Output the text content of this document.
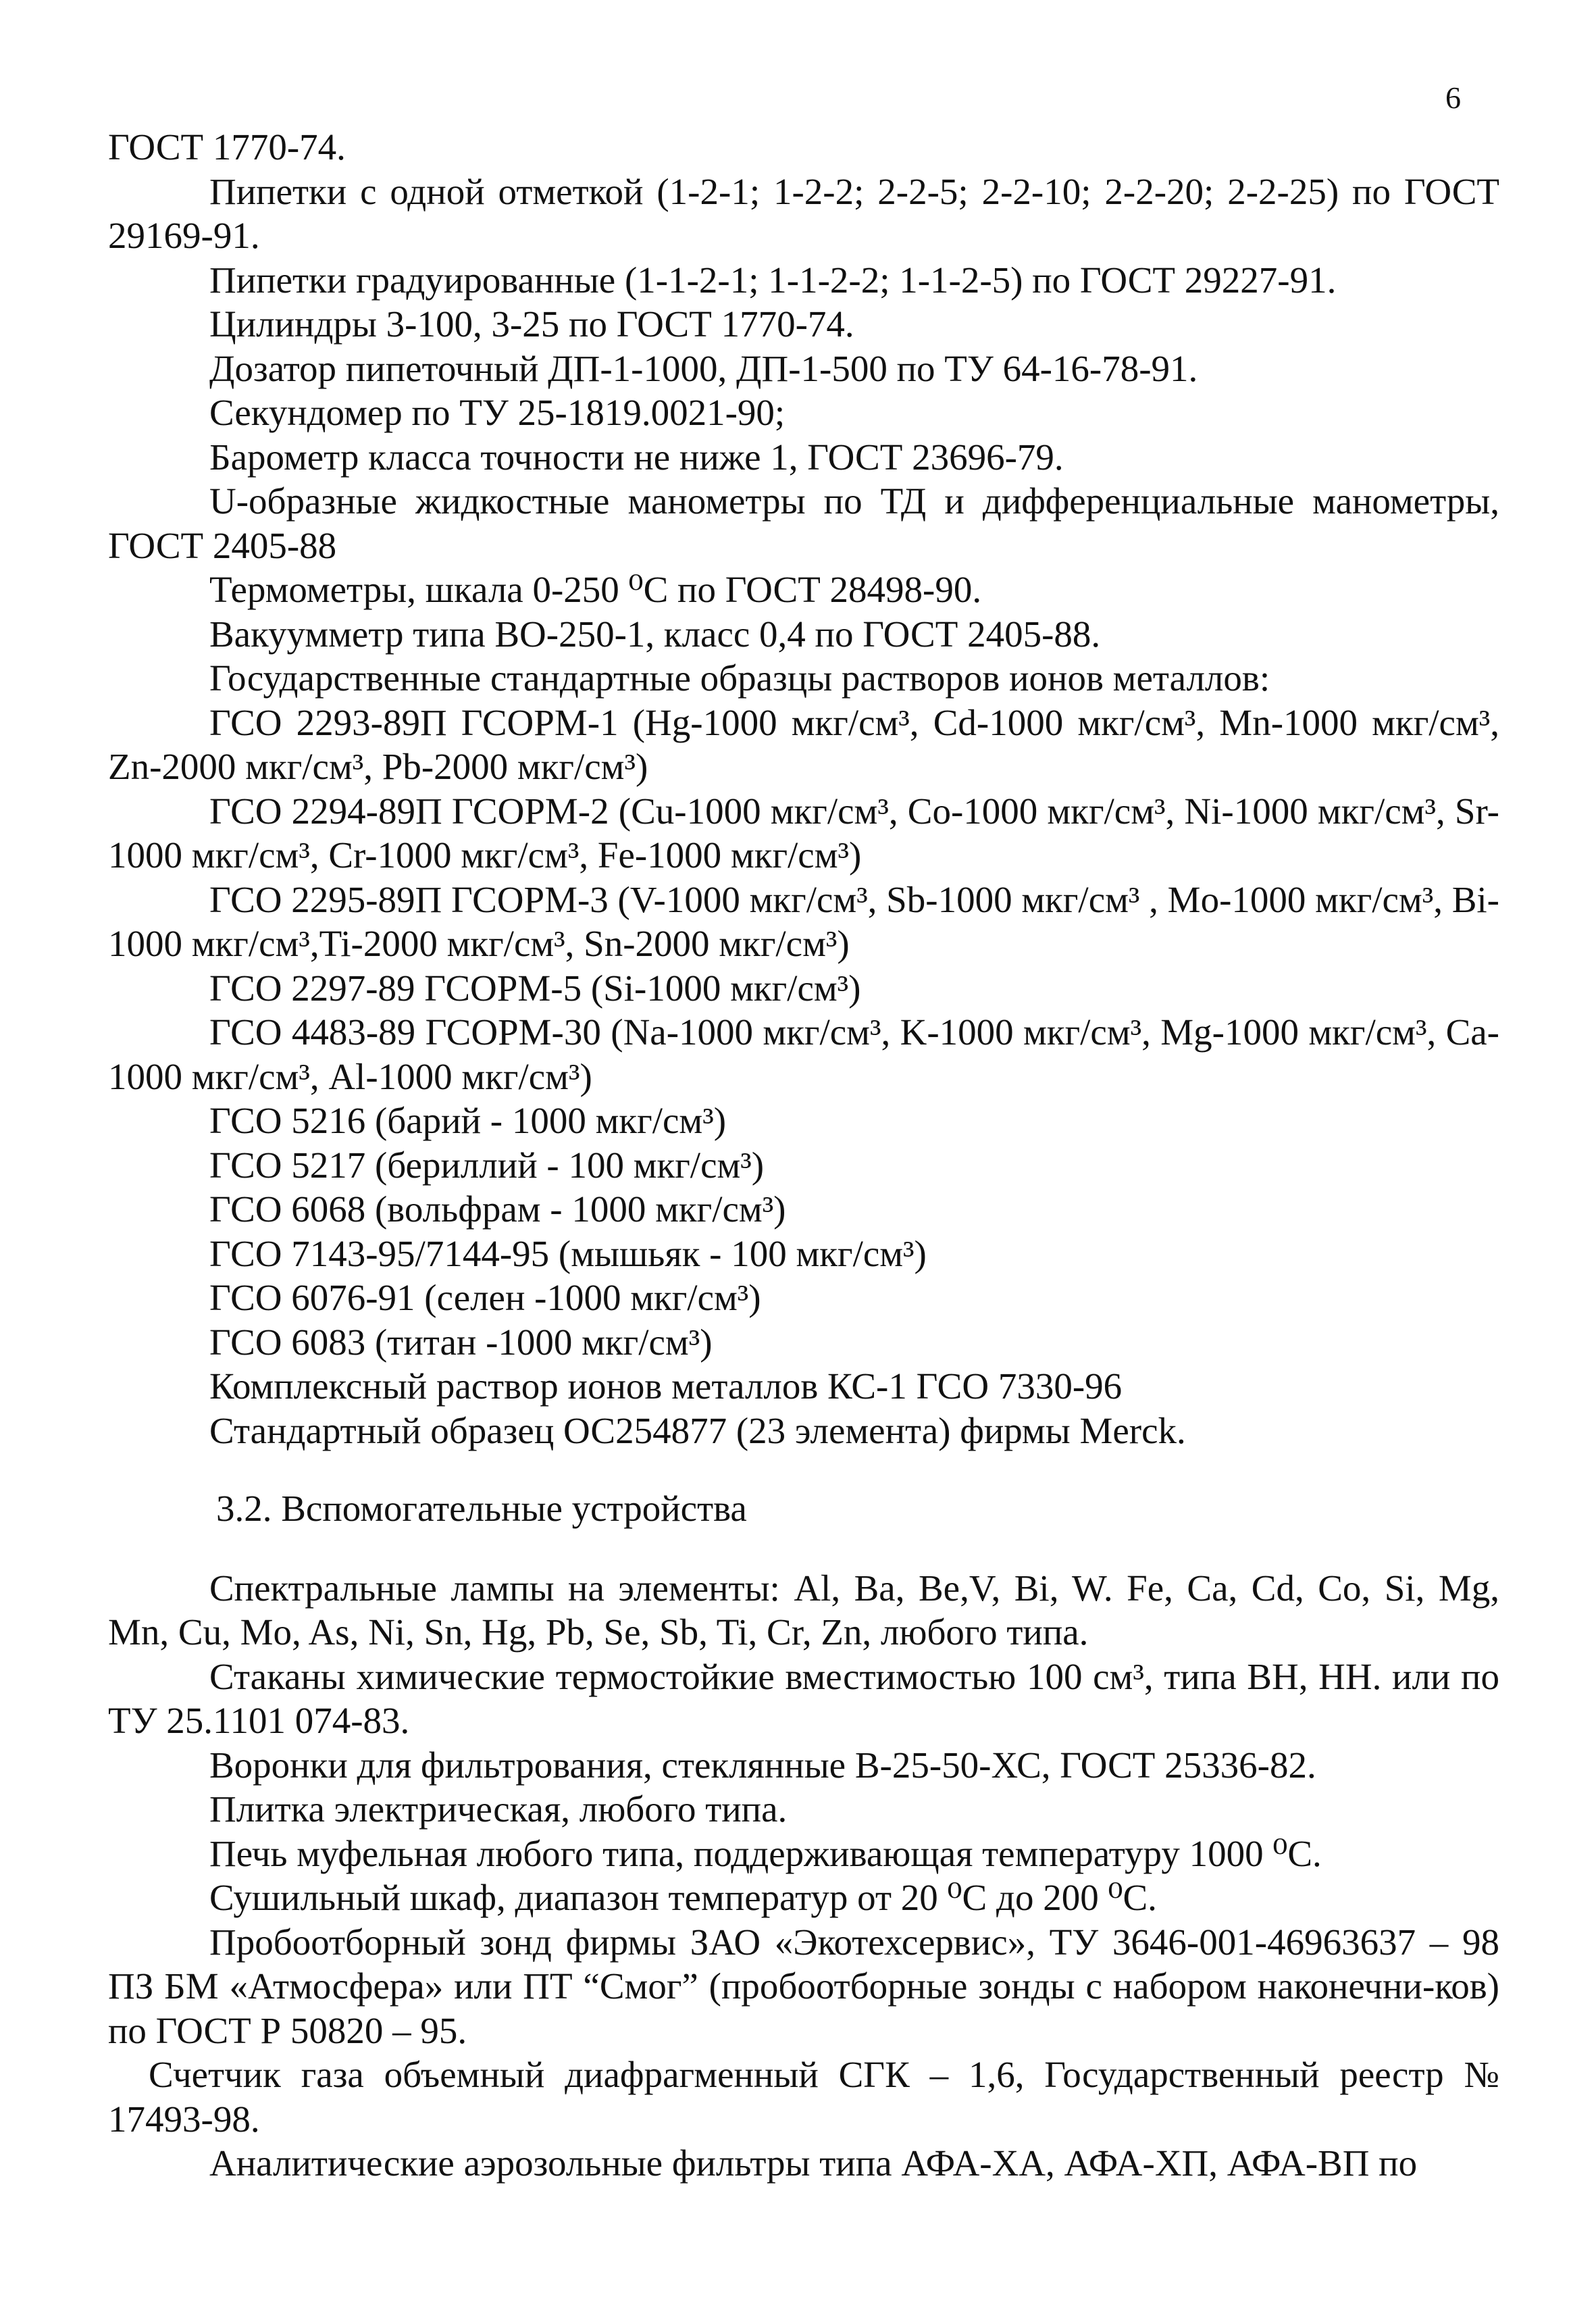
6

ГОСТ 1770-74.

Пипетки с одной отметкой (1-2-1; 1-2-2; 2-2-5; 2-2-10; 2-2-20; 2-2-25) по ГОСТ 29169-91.

Пипетки градуированные (1-1-2-1; 1-1-2-2; 1-1-2-5) по ГОСТ 29227-91.

Цилиндры 3-100, 3-25 по ГОСТ 1770-74.

Дозатор пипеточный ДП-1-1000, ДП-1-500 по ТУ 64-16-78-91.

Секундомер по ТУ 25-1819.0021-90;

Барометр класса точности не ниже 1, ГОСТ 23696-79.

U-образные жидкостные манометры по ТД и дифференциальные манометры, ГОСТ 2405-88

Термометры, шкала 0-250 ⁰С по ГОСТ 28498-90.

Вакуумметр типа ВО-250-1, класс 0,4 по ГОСТ 2405-88.

Государственные стандартные образцы растворов ионов металлов:

ГСО 2293-89П ГСОРМ-1 (Hg-1000 мкг/см³, Cd-1000 мкг/см³, Mn-1000 мкг/см³, Zn-2000 мкг/см³, Pb-2000 мкг/см³)

ГСО 2294-89П ГСОРМ-2 (Cu-1000 мкг/см³, Co-1000 мкг/см³, Ni-1000 мкг/см³, Sr-1000 мкг/см³, Cr-1000 мкг/см³, Fe-1000 мкг/см³)

ГСО 2295-89П ГСОРМ-3 (V-1000 мкг/см³, Sb-1000 мкг/см³ , Mo-1000 мкг/см³, Bi-1000 мкг/см³,Ti-2000 мкг/см³, Sn-2000 мкг/см³)

ГСО 2297-89 ГСОРМ-5 (Si-1000 мкг/см³)

ГСО 4483-89 ГСОРМ-30 (Na-1000 мкг/см³, K-1000 мкг/см³, Mg-1000 мкг/см³, Ca-1000 мкг/см³, Al-1000 мкг/см³)

ГСО 5216 (барий - 1000 мкг/см³)

ГСО 5217 (бериллий - 100 мкг/см³)

ГСО 6068 (вольфрам - 1000 мкг/см³)

ГСО 7143-95/7144-95 (мышьяк - 100 мкг/см³)

ГСО 6076-91 (селен -1000 мкг/см³)

ГСО 6083 (титан -1000 мкг/см³)

Комплексный раствор ионов металлов КС-1 ГСО 7330-96

Стандартный образец ОС254877 (23 элемента) фирмы Merck.

3.2. Вспомогательные устройства

Спектральные лампы на элементы: Al, Ba, Be,V, Bi, W. Fe, Ca, Cd, Co, Si, Mg, Mn, Cu, Mo, As, Ni, Sn, Hg, Pb, Se, Sb, Ti, Cr, Zn, любого типа.

Стаканы химические термостойкие вместимостью 100 см³, типа ВН, НН. или по ТУ 25.1101 074-83.

Воронки для фильтрования, стеклянные В-25-50-ХС, ГОСТ 25336-82.

Плитка электрическая, любого типа.

Печь муфельная любого типа, поддерживающая температуру 1000 ⁰С.

Сушильный шкаф, диапазон температур от 20 ⁰С до 200 ⁰С.

Пробоотборный зонд фирмы ЗАО «Экотехсервис», ТУ 3646-001-46963637 – 98 ПЗ БМ «Атмосфера» или ПТ “Смог” (пробоотборные зонды с набором наконечни-ков) по ГОСТ Р 50820 – 95.

Счетчик газа объемный диафрагменный СГК – 1,6, Государственный реестр № 17493-98.

Аналитические аэрозольные фильтры типа АФА-ХА, АФА-ХП, АФА-ВП по
